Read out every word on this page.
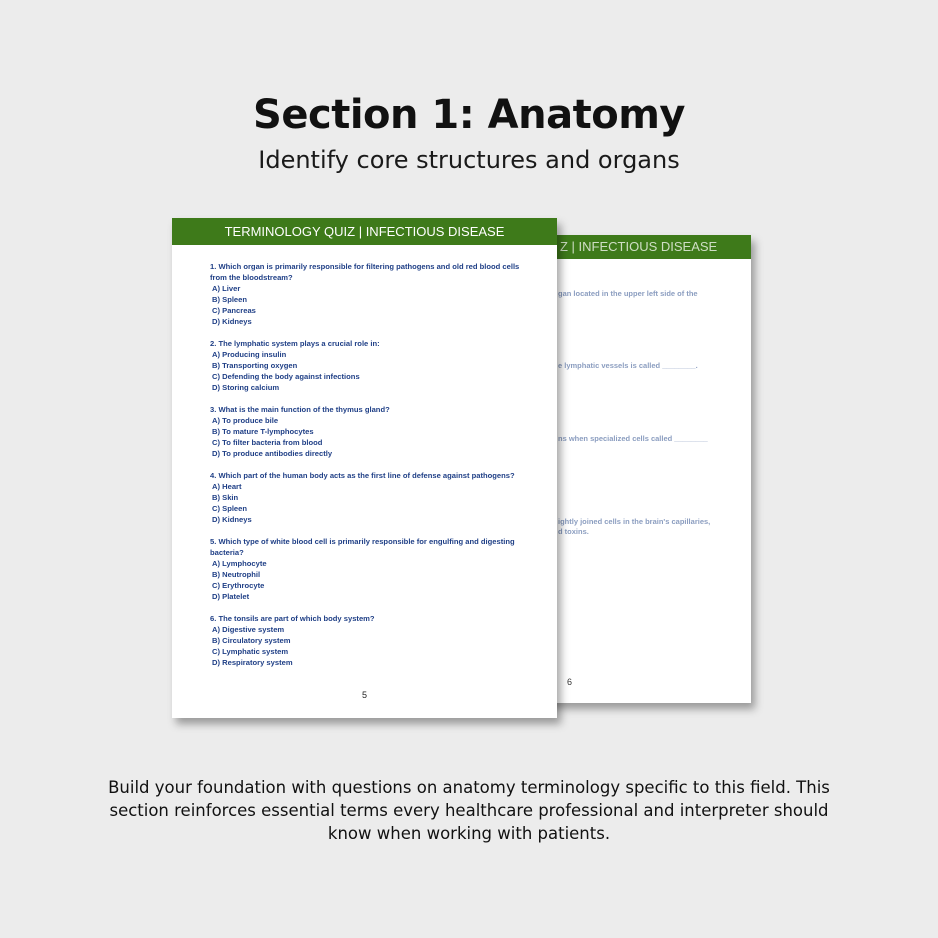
Section 1: Anatomy
Identify core structures and organs
Z | INFECTIOUS DISEASE
gan located in the upper left side of the
e lymphatic vessels is called ________.
ns when specialized cells called ________
ightly joined cells in the brain's capillaries,
d toxins.
6
TERMINOLOGY QUIZ | INFECTIOUS DISEASE
1. Which organ is primarily responsible for filtering pathogens and old red blood cells from the bloodstream?
A) Liver
B) Spleen
C) Pancreas
D) Kidneys
2. The lymphatic system plays a crucial role in:
A) Producing insulin
B) Transporting oxygen
C) Defending the body against infections
D) Storing calcium
3. What is the main function of the thymus gland?
A) To produce bile
B) To mature T-lymphocytes
C) To filter bacteria from blood
D) To produce antibodies directly
4. Which part of the human body acts as the first line of defense against pathogens?
A) Heart
B) Skin
C) Spleen
D) Kidneys
5. Which type of white blood cell is primarily responsible for engulfing and digesting bacteria?
A) Lymphocyte
B) Neutrophil
C) Erythrocyte
D) Platelet
6. The tonsils are part of which body system?
A) Digestive system
B) Circulatory system
C) Lymphatic system
D) Respiratory system
5
Build your foundation with questions on anatomy terminology specific to this field. This section reinforces essential terms every healthcare professional and interpreter should know when working with patients.
